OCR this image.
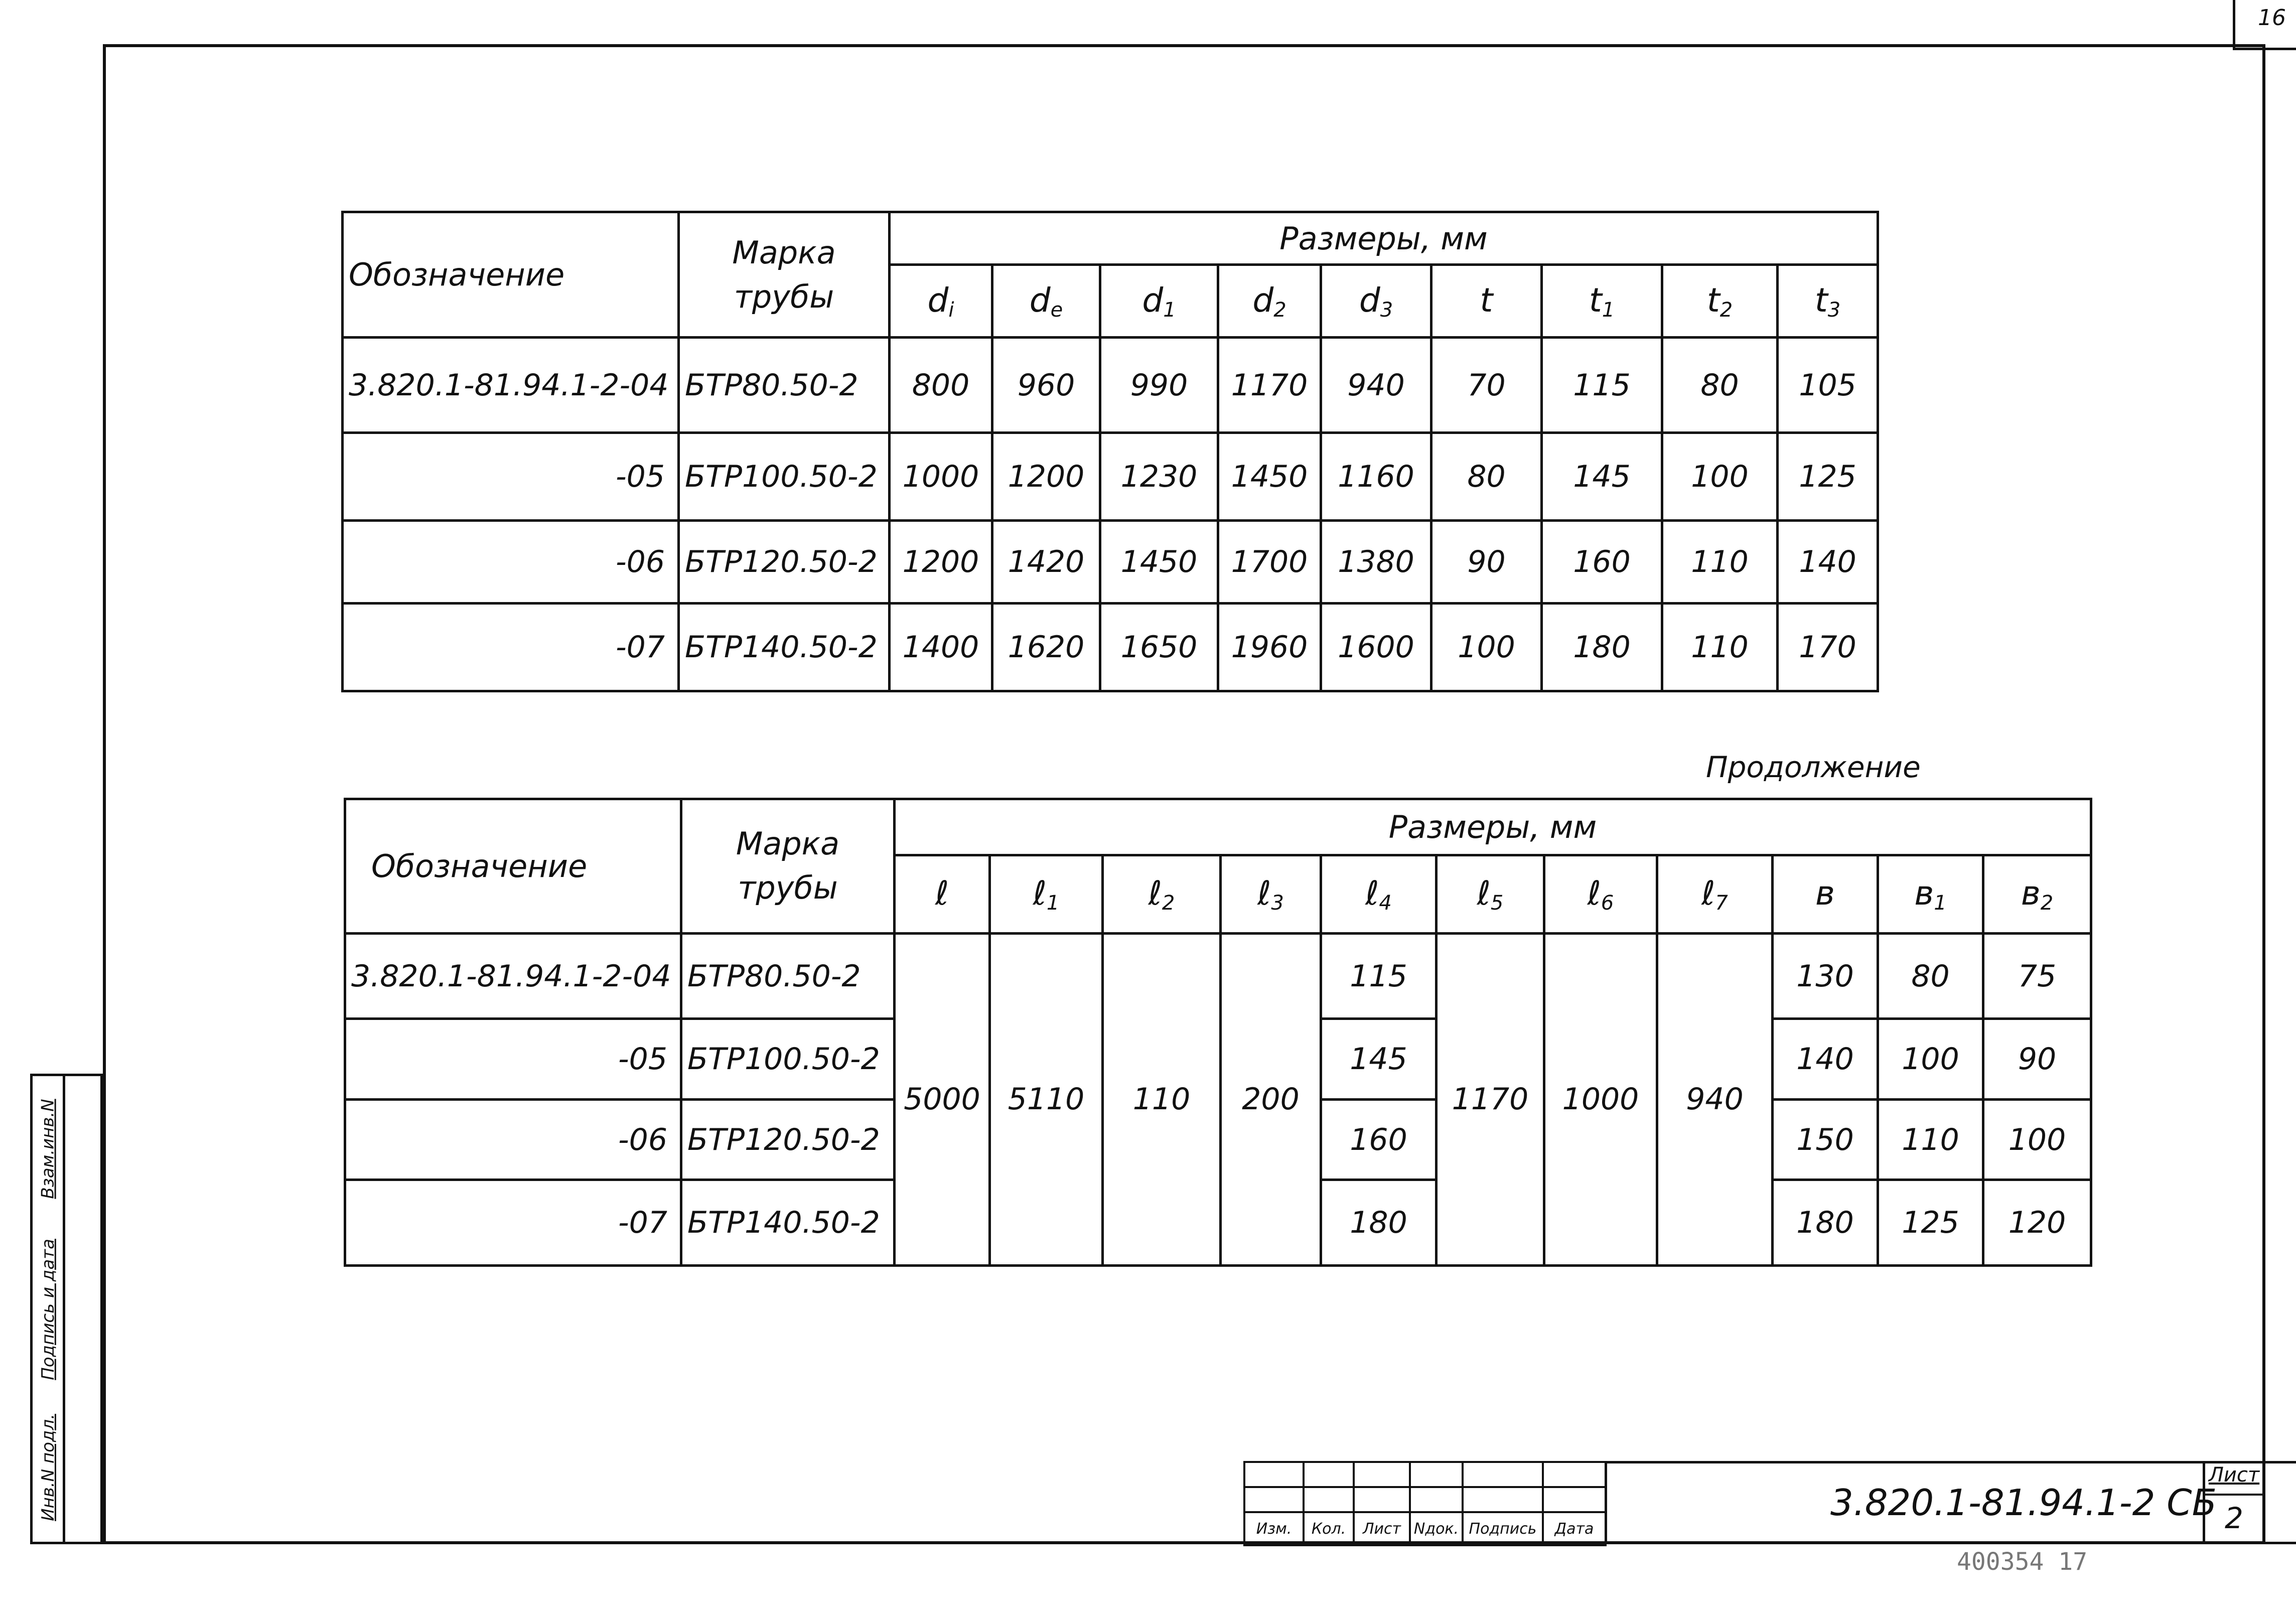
16
Инв.N подл.
Подпись и дата
Взам.инв.N
Обозначение	Марка трубы	Размеры, мм								
		$d_i$	$d_e$	$d_1$	$d_2$	$d_3$	t	$t_1$	$t_2$	$t_3$
3.820.1-81.94.1-2-04	БТР80.50-2	800	960	990	1170	940	70	115	80	105
-05	БТР100.50-2	1000	1200	1230	1450	1160	80	145	100	125
-06	БТР120.50-2	1200	1420	1450	1700	1380	90	160	110	140
-07	БТР140.50-2	1400	1620	1650	1960	1600	100	180	110	170
Продолжение
Обозначение	Марка трубы	Размеры, мм										
		ℓ	ℓ$_1$	ℓ$_2$	ℓ$_3$	ℓ$_4$	ℓ$_5$	ℓ$_6$	ℓ$_7$	в	$в_1$	$в_2$
3.820.1-81.94.1-2-04	БТР80.50-2	5000	5110	110	200	115	1170	1000	940	130	80	75
-05	БТР100.50-2					145				140	100	90
-06	БТР120.50-2					160				150	110	100
-07	БТР140.50-2					180				180	125	120

Изм.	Кол.	Лист	Nдок.	Подпись	Дата
3.820.1-81.94.1-2 СБ
Лист
2
400354 17
